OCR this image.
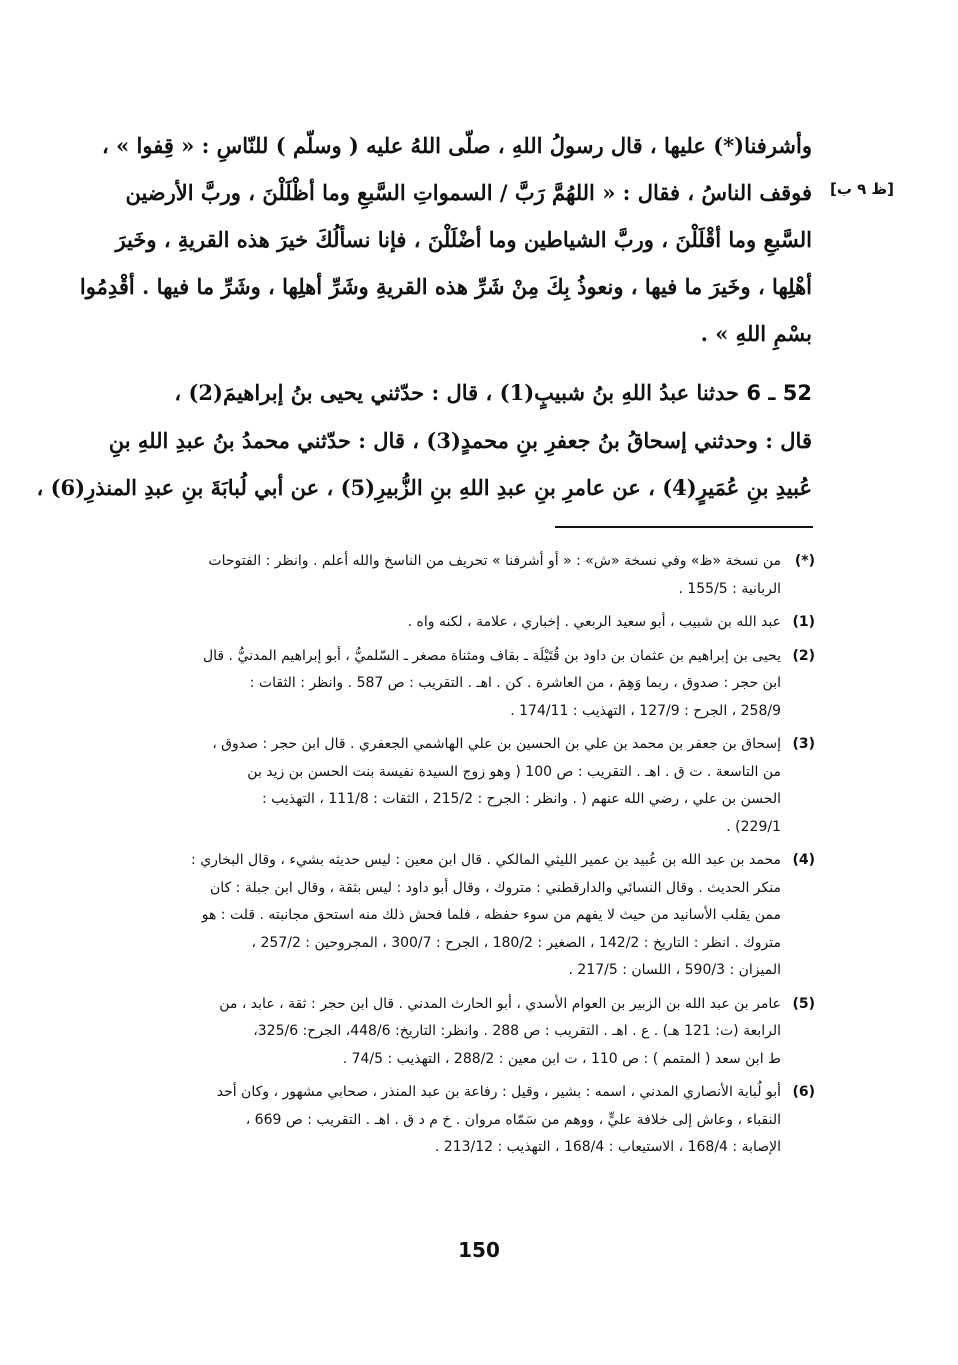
[ظ ٩ ب]

وأشرفنا(*) عليها ، قال رسولُ اللهِ ، صلّى اللهُ عليه ( وسلّم ) للنّاسِ : « قِفوا » ،
فوقف الناسُ ، فقال : « اللهُمَّ رَبَّ / السمواتِ السَّبعِ وما أظْلَلْنَ ، وربَّ الأرضين
السَّبعِ وما أقْلَلْنَ ، وربَّ الشياطين وما أضْلَلْنَ ، فإنا نسألُكَ خيرَ هذه القريةِ ، وخَيرَ
أهْلِها ، وخَيرَ ما فيها ، ونعوذُ بِكَ مِنْ شَرِّ هذه القريةِ وشَرِّ أهلِها ، وشَرِّ ما فيها . أقْدِمُوا
بسْمِ اللهِ » .

52 ـ 6 حدثنا عبدُ اللهِ بنُ شبيبٍ(1) ، قال : حدّثني يحيى بنُ إبراهيمَ(2) ،
قال : وحدثني إسحاقُ بنُ جعفرِ بنِ محمدٍ(3) ، قال : حدّثني محمدُ بنُ عبدِ اللهِ بنِ
عُبيدِ بنِ عُمَيرٍ(4) ، عن عامرِ بنِ عبدِ اللهِ بنِ الزُّبيرِ(5) ، عن أبي لُبابَةَ بنِ عبدِ المنذرِ(6) ،

(*)
من نسخة «ظ» وفي نسخة «ش» : « أو أشرفنا » تحريف من الناسخ والله أعلم . وانظر : الفتوحات
الربانية : 155/5 .
(1)
عبد الله بن شبيب ، أبو سعيد الربعي . إخباري ، علامة ، لكنه واه .
(2)
يحيى بن إبراهيم بن عثمان بن داود بن قُتَيْلَة ـ بقاف ومثناة مصغر ـ السّلميُّ ، أبو إبراهيم المدنيُّ . قال
ابن حجر : صدوق ، ربما وَهِمَ ، من العاشرة . كن . اهـ . التقريب : ص 587 . وانظر : الثقات :
258/9 ، الجرح : 127/9 ، التهذيب : 174/11 .
(3)
إسحاق بن جعفر بن محمد بن علي بن الحسين بن علي الهاشمي الجعفري . قال ابن حجر : صدوق ،
من التاسعة . ت ق . اهـ . التقريب : ص 100 ( وهو زوج السيدة نفيسة بنت الحسن بن زيد بن
الحسن بن علي ، رضي الله عنهم ( . وانظر : الجرح : 215/2 ، الثقات : 111/8 ، التهذيب :
229/1) .
(4)
محمد بن عبد الله بن عُبيد بن عمير الليثي المالكي . قال ابن معين : ليس حديثه بشيء ، وقال البخاري :
منكر الحديث . وقال النسائي والدارقطني : متروك ، وقال أبو داود : ليس بثقة ، وقال ابن جبلة : كان
ممن يقلب الأسانيد من حيث لا يفهم من سوء حفظه ، فلما فحش ذلك منه استحق مجانبته . قلت : هو
متروك . انظر : التاريخ : 142/2 ، الصغير : 180/2 ، الجرح : 300/7 ، المجروحين : 257/2 ،
الميزان : 590/3 ، اللسان : 217/5 .
(5)
عامر بن عبد الله بن الزبير بن العوام الأسدي ، أبو الحارث المدني . قال ابن حجر : ثقة ، عابد ، من
الرابعة (ت: 121 هـ) . ع . اهـ . التقريب : ص 288 . وانظر: التاريخ: 448/6، الجرح: 325/6،
ط ابن سعد ( المتمم ) : ص 110 ، ت ابن معين : 288/2 ، التهذيب : 74/5 .
(6)
أبو لُبابة الأنصاري المدني ، اسمه : بشير ، وقيل : رفاعة بن عبد المنذر ، صحابي مشهور ، وكان أحد
النقباء ، وعاش إلى خلافة عليٍّ ، ووهم من سَمّاه مروان . خ م د ق . اهـ . التقريب : ص 669 ،
الإصابة : 168/4 ، الاستيعاب : 168/4 ، التهذيب : 213/12 .
150
